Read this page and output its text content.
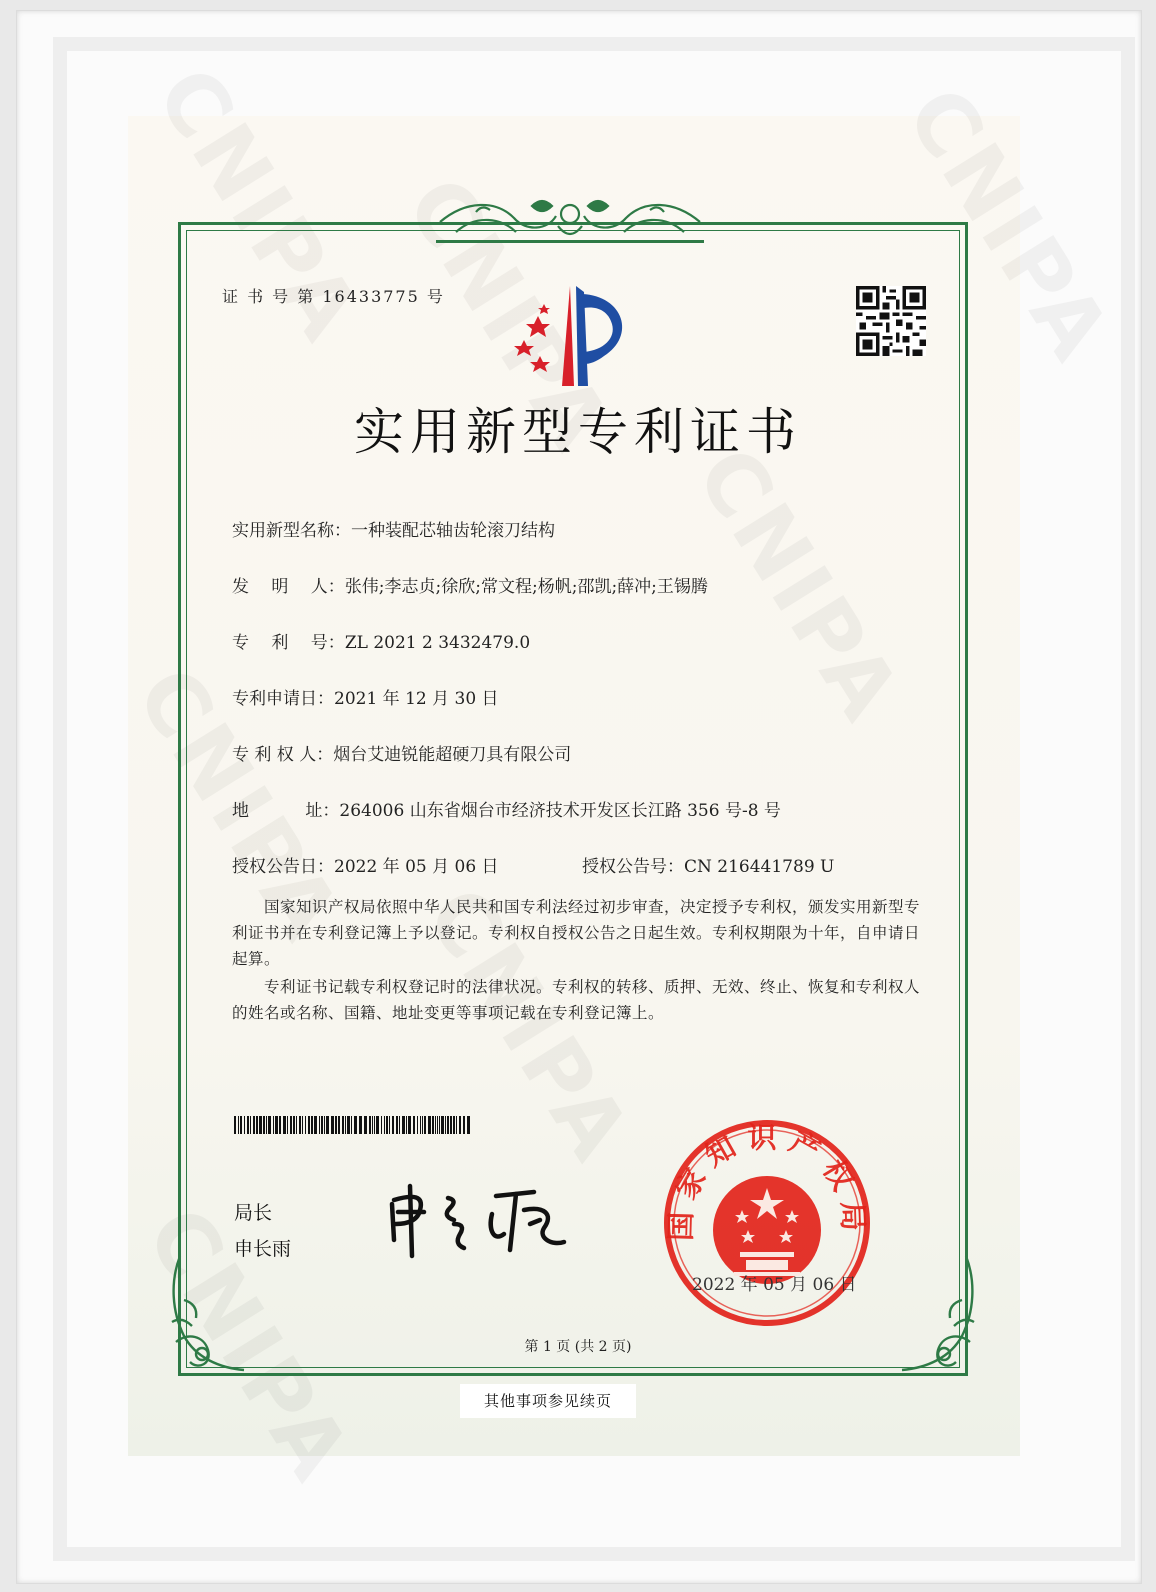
证 书 号 第 16433775 号
实用新型专利证书
实用新型名称：一种装配芯轴齿轮滚刀结构
发　 明　 人：张伟;李志贞;徐欣;常文程;杨帆;邵凯;薛冲;王锡腾
专　 利　 号：ZL 2021 2 3432479.0
专利申请日：2021 年 12 月 30 日
专 利 权 人：烟台艾迪锐能超硬刀具有限公司
地　　　 址：264006 山东省烟台市经济技术开发区长江路 356 号-8 号
授权公告日：2022 年 05 月 06 日	授权公告号：CN 216441789 U
国家知识产权局依照中华人民共和国专利法经过初步审查，决定授予专利权，颁发实用新型专利证书并在专利登记簿上予以登记。专利权自授权公告之日起生效。专利权期限为十年，自申请日起算。
专利证书记载专利权登记时的法律状况。专利权的转移、质押、无效、终止、恢复和专利权人的姓名或名称、国籍、地址变更等事项记载在专利登记簿上。
局长
申长雨
国家知识产权局
2022 年 05 月 06 日
第 1 页 (共 2 页)
其他事项参见续页
